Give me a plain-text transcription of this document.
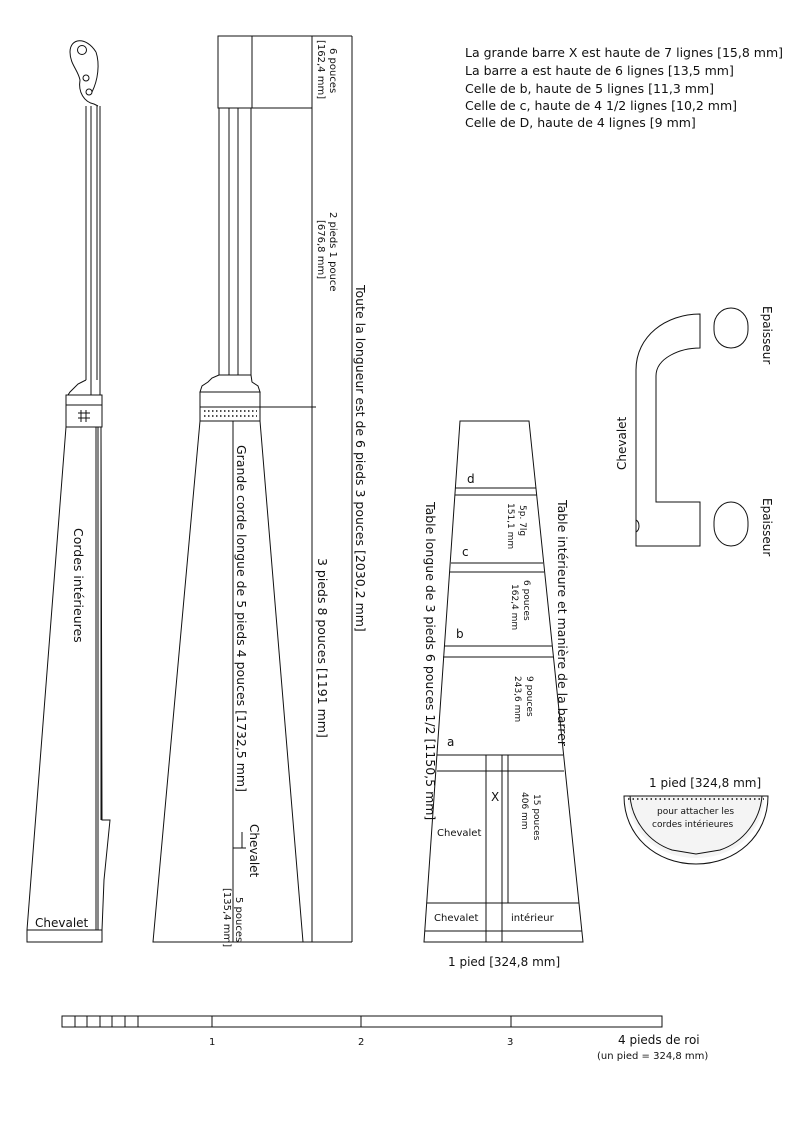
La grande barre X est haute de 7 lignes [15,8 mm]
La barre a est haute de 6 lignes [13,5 mm]
Celle de b, haute de 5 lignes [11,3 mm]
Celle de c, haute de 4 1/2 lignes [10,2 mm]
Celle de D, haute de 4 lignes [9 mm]
Cordes intérieures
Chevalet
Grande corde longue de 5 pieds 4 pouces [1732,5 mm]
Chevalet
5 pouces
[135,4 mm]
6 pouces
[162,4 mm]
2 pieds 1 pouce
[676,8 mm]
Toute la longueur est de 6 pieds 3 pouces [2030,2 mm]
3 pieds 8 pouces [1191 mm]
d
c
b
a
X
5p. 7lg
151,1 mm
6 pouces
162,4 mm
9 pouces
243,6 mm
15 pouces
406 mm
Chevalet
Chevalet	intérieur
1 pied [324,8 mm]
Table longue de 3 pieds 6 pouces 1/2 [1150,5 mm]	Table intérieure et manière de la barrer
Chevalet
Epaisseur
Epaisseur
1 pied [324,8 mm]
pour attacher les
cordes intérieures
1	2	3	4 pieds de roi
(un pied = 324,8 mm)
